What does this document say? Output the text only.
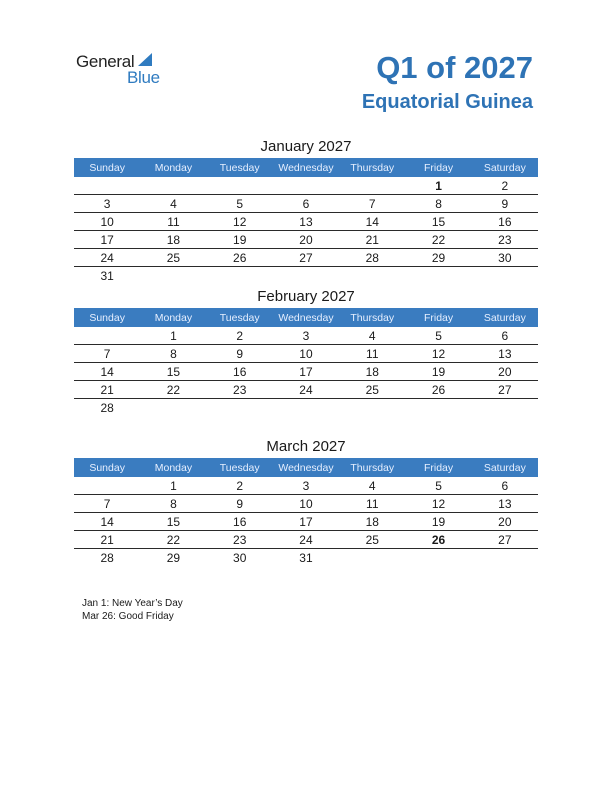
General
Blue	Q1 of 2027
Equatorial Guinea
January 2027
Sunday	Monday	Tuesday	Wednesday	Thursday	Friday	Saturday
					1	2
3	4	5	6	7	8	9
10	11	12	13	14	15	16
17	18	19	20	21	22	23
24	25	26	27	28	29	30
31						
February 2027
Sunday	Monday	Tuesday	Wednesday	Thursday	Friday	Saturday
	1	2	3	4	5	6
7	8	9	10	11	12	13
14	15	16	17	18	19	20
21	22	23	24	25	26	27
28						
March 2027
Sunday	Monday	Tuesday	Wednesday	Thursday	Friday	Saturday
	1	2	3	4	5	6
7	8	9	10	11	12	13
14	15	16	17	18	19	20
21	22	23	24	25	26	27
28	29	30	31			
Jan 1: New Year’s Day
Mar 26: Good Friday
